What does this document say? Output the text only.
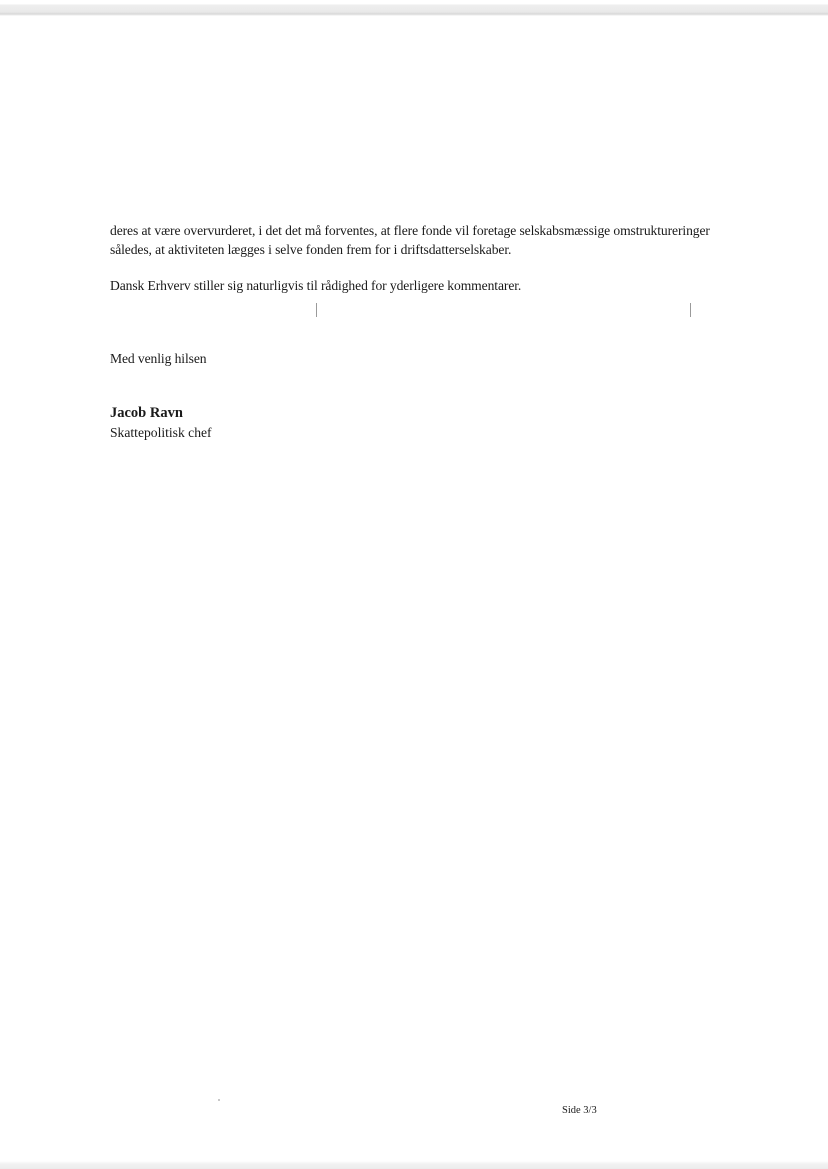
deres at være overvurderet, i det det må forventes, at flere fonde vil foretage selskabsmæssige omstruktureringer således, at aktiviteten lægges i selve fonden frem for i driftsdatterselskaber.

Dansk Erhverv stiller sig naturligvis til rådighed for yderligere kommentarer.

Med venlig hilsen

Jacob Ravn

Skattepolitisk chef

Side 3/3
